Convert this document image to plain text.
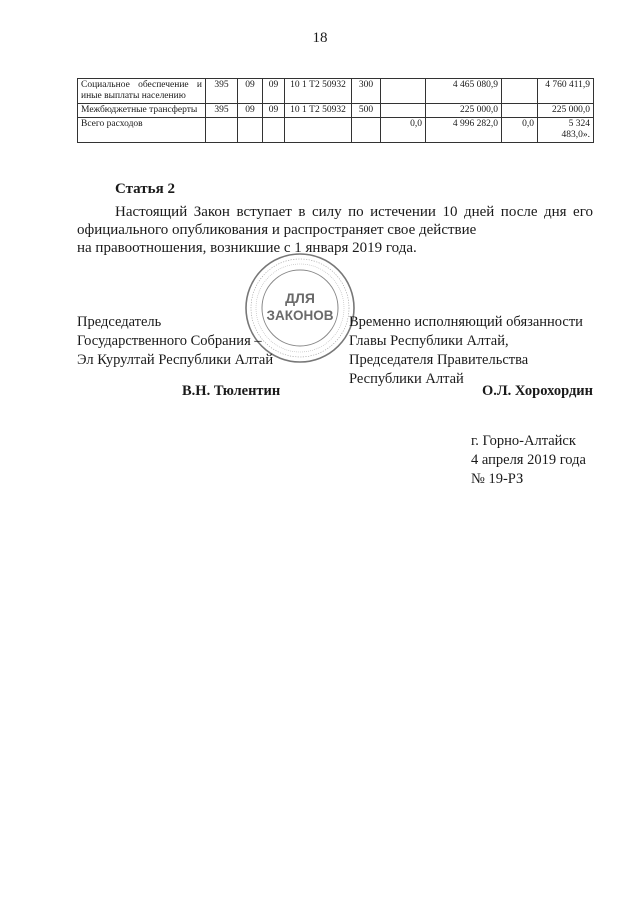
18
Социальное обеспечение и иные выплаты населению	395	09	09	10 1 Т2 50932	300		4 465 080,9		4 760 411,9
Межбюджетные трансферты	395	09	09	10 1 Т2 50932	500		225 000,0		225 000,0
Всего расходов						0,0	4 996 282,0	0,0	5 324 483,0».
Статья 2

Настоящий Закон вступает в силу по истечении 10 дней после дня его официального опубликования и распространяет свое действие

на правоотношения, возникшие с 1 января 2019 года.

ДЛЯ
ЗАКОНОВ
Председатель
Государственного Собрания –
Эл Курултай Республики Алтай
Временно исполняющий обязанности
Главы Республики Алтай,
Председателя Правительства
Республики Алтай
В.Н. Тюлентин	О.Л. Хорохордин
г. Горно-Алтайск
4 апреля 2019 года
№ 19-РЗ
